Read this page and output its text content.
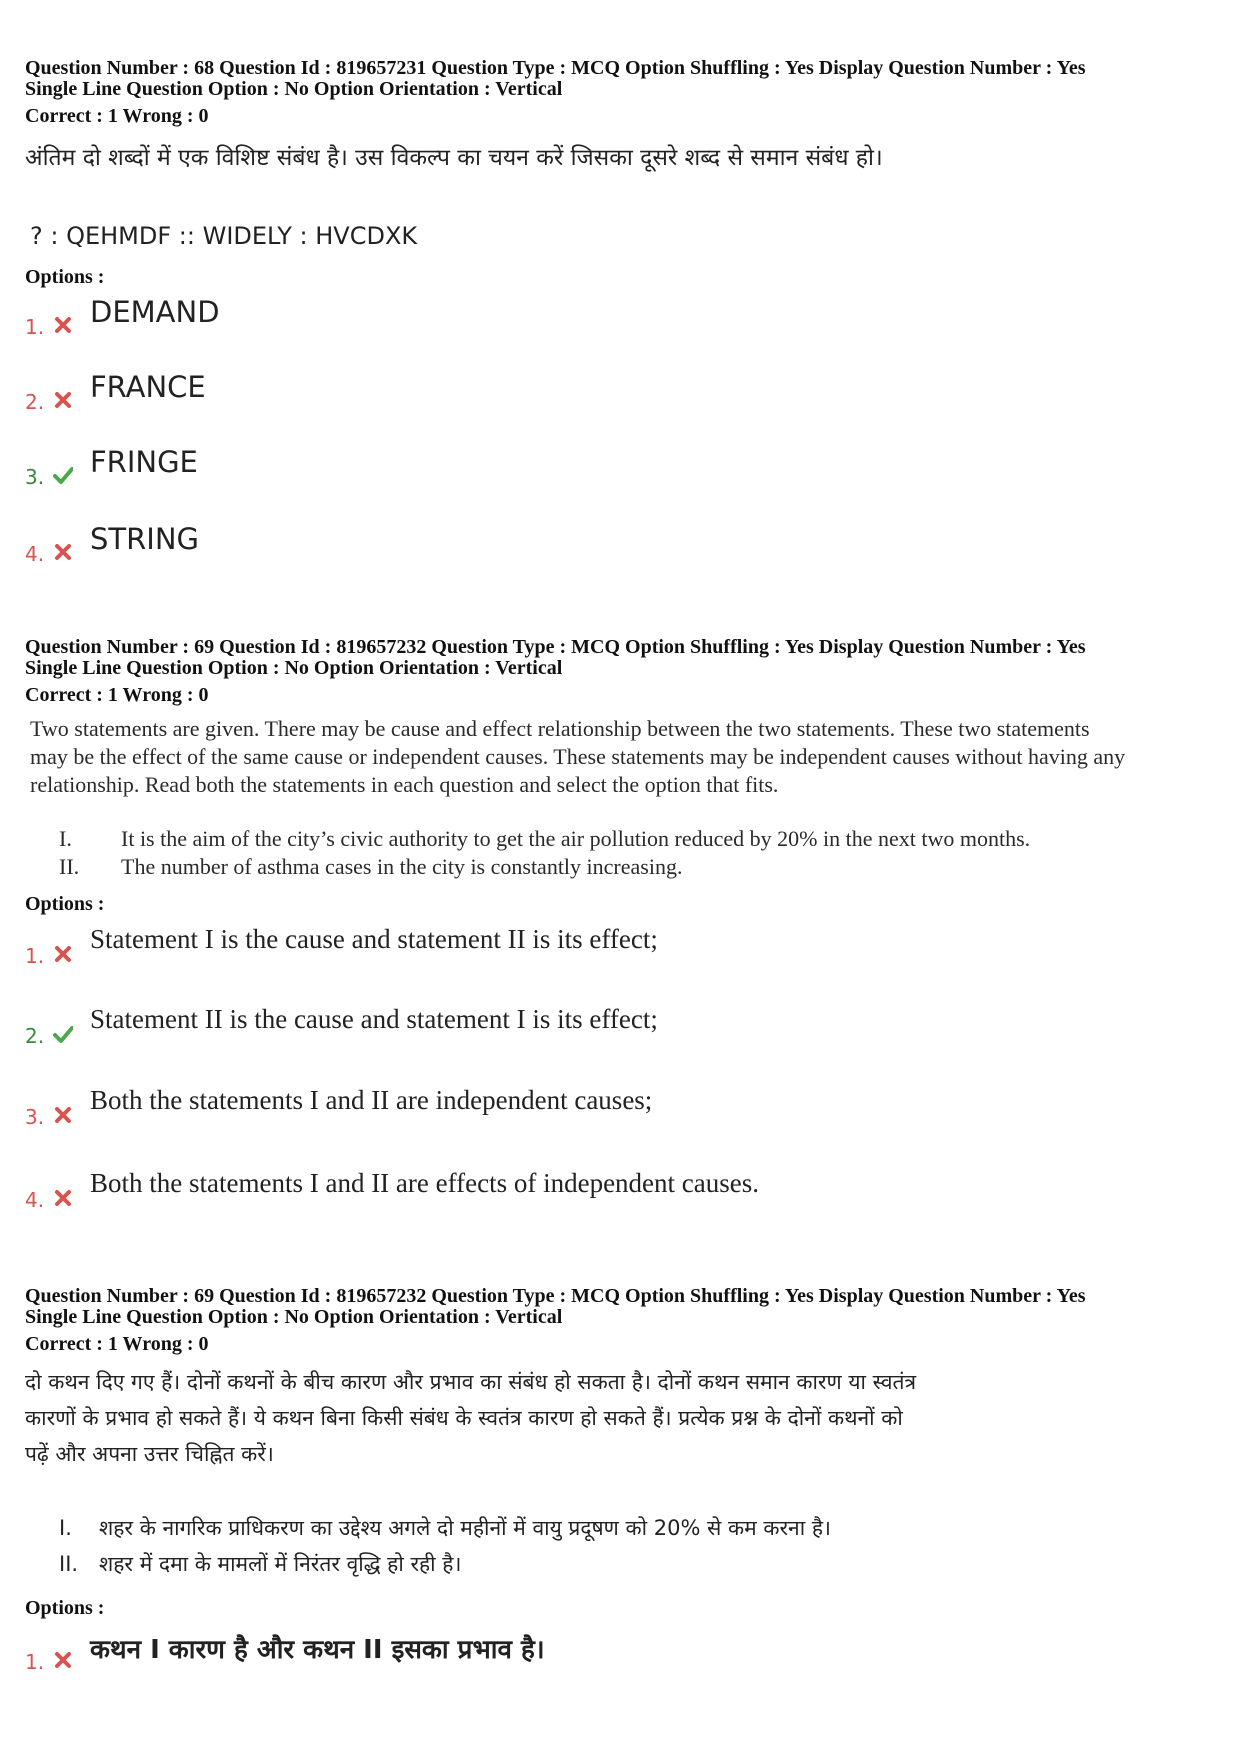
Question Number : 68 Question Id : 819657231 Question Type : MCQ Option Shuffling : Yes Display Question Number : Yes
Single Line Question Option : No Option Orientation : Vertical
Correct : 1 Wrong : 0
अंतिम दो शब्दों में एक विशिष्ट संबंध है। उस विकल्प का चयन करें जिसका दूसरे शब्द से समान संबंध हो।
? : QEHMDF :: WIDELY : HVCDXK
Options :
1. DEMAND
2. FRANCE
3. FRINGE
4. STRING
Question Number : 69 Question Id : 819657232 Question Type : MCQ Option Shuffling : Yes Display Question Number : Yes
Single Line Question Option : No Option Orientation : Vertical
Correct : 1 Wrong : 0
Two statements are given. There may be cause and effect relationship between the two statements. These two statements
may be the effect of the same cause or independent causes. These statements may be independent causes without having any
relationship. Read both the statements in each question and select the option that fits.
I. It is the aim of the city’s civic authority to get the air pollution reduced by 20% in the next two months.
II. The number of asthma cases in the city is constantly increasing.
Options :
1.
Statement I is the cause and statement II is its effect;
2.
Statement II is the cause and statement I is its effect;
3.
Both the statements I and II are independent causes;
4.
Both the statements I and II are effects of independent causes.
Question Number : 69 Question Id : 819657232 Question Type : MCQ Option Shuffling : Yes Display Question Number : Yes
Single Line Question Option : No Option Orientation : Vertical
Correct : 1 Wrong : 0
दो कथन दिए गए हैं। दोनों कथनों के बीच कारण और प्रभाव का संबंध हो सकता है। दोनों कथन समान कारण या स्वतंत्र
कारणों के प्रभाव हो सकते हैं। ये कथन बिना किसी संबंध के स्वतंत्र कारण हो सकते हैं। प्रत्येक प्रश्न के दोनों कथनों को
पढ़ें और अपना उत्तर चिह्नित करें।
I. शहर के नागरिक प्राधिकरण का उद्देश्य अगले दो महीनों में वायु प्रदूषण को 20% से कम करना है।
II. शहर में दमा के मामलों में निरंतर वृद्धि हो रही है।
Options :
1. कथन I कारण है और कथन II इसका प्रभाव है।
